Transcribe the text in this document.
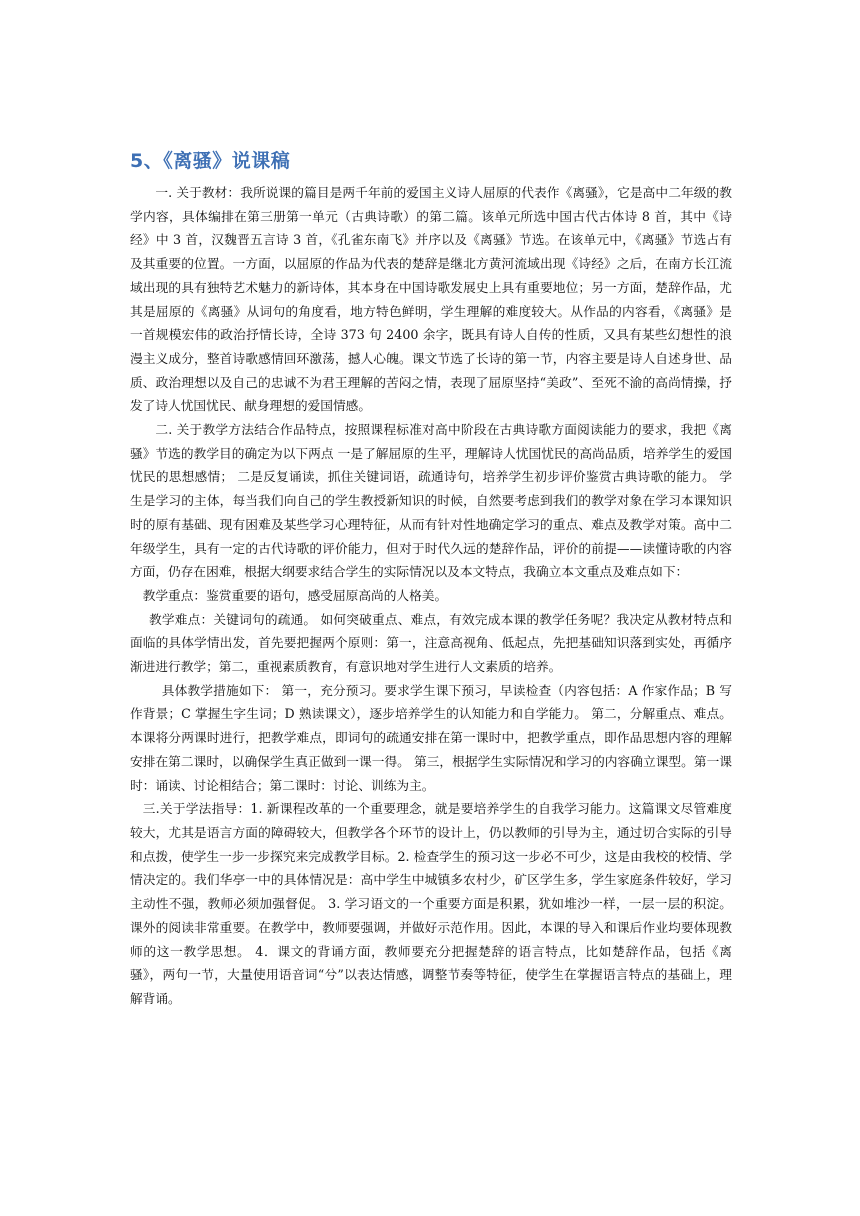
5、《离骚》说课稿

一. 关于教材：我所说课的篇目是两千年前的爱国主义诗人屈原的代表作《离骚》，它是高中二年级的教学内容，具体编排在第三册第一单元（古典诗歌）的第二篇。该单元所选中国古代古体诗 8 首，其中《诗经》中 3 首，汉魏晋五言诗 3 首，《孔雀东南飞》并序以及《离骚》节选。在该单元中，《离骚》节选占有及其重要的位置。一方面，以屈原的作品为代表的楚辞是继北方黄河流域出现《诗经》之后，在南方长江流域出现的具有独特艺术魅力的新诗体，其本身在中国诗歌发展史上具有重要地位；另一方面，楚辞作品，尤其是屈原的《离骚》从词句的角度看，地方特色鲜明，学生理解的难度较大。从作品的内容看，《离骚》是一首规模宏伟的政治抒情长诗，全诗 373 句 2400 余字，既具有诗人自传的性质，又具有某些幻想性的浪漫主义成分，整首诗歌感情回环激荡，撼人心魄。课文节选了长诗的第一节，内容主要是诗人自述身世、品质、政治理想以及自己的忠诚不为君王理解的苦闷之情，表现了屈原坚持“美政”、至死不渝的高尚情操，抒发了诗人忧国忧民、献身理想的爱国情感。

二. 关于教学方法结合作品特点，按照课程标准对高中阶段在古典诗歌方面阅读能力的要求，我把《离骚》节选的教学目的确定为以下两点 一是了解屈原的生平，理解诗人忧国忧民的高尚品质，培养学生的爱国忧民的思想感情； 二是反复诵读，抓住关键词语，疏通诗句，培养学生初步评价鉴赏古典诗歌的能力。 学生是学习的主体，每当我们向自己的学生教授新知识的时候，自然要考虑到我们的教学对象在学习本课知识时的原有基础、现有困难及某些学习心理特征，从而有针对性地确定学习的重点、难点及教学对策。高中二年级学生，具有一定的古代诗歌的评价能力，但对于时代久远的楚辞作品，评价的前提——读懂诗歌的内容方面，仍存在困难，根据大纲要求结合学生的实际情况以及本文特点，我确立本文重点及难点如下：

教学重点：鉴赏重要的语句，感受屈原高尚的人格美。

教学难点：关键词句的疏通。 如何突破重点、难点，有效完成本课的教学任务呢？我决定从教材特点和面临的具体学情出发，首先要把握两个原则：第一，注意高视角、低起点，先把基础知识落到实处，再循序渐进进行教学；第二，重视素质教育，有意识地对学生进行人文素质的培养。

具体教学措施如下： 第一，充分预习。要求学生课下预习，早读检查（内容包括：A 作家作品；B 写作背景；C 掌握生字生词；D 熟读课文），逐步培养学生的认知能力和自学能力。 第二，分解重点、难点。本课将分两课时进行，把教学难点，即词句的疏通安排在第一课时中，把教学重点，即作品思想内容的理解安排在第二课时，以确保学生真正做到一课一得。 第三，根据学生实际情况和学习的内容确立课型。第一课时：诵读、讨论相结合；第二课时：讨论、训练为主。

三.关于学法指导：1. 新课程改革的一个重要理念，就是要培养学生的自我学习能力。这篇课文尽管难度较大，尤其是语言方面的障碍较大，但教学各个环节的设计上，仍以教师的引导为主，通过切合实际的引导和点拨，使学生一步一步探究来完成教学目标。2. 检查学生的预习这一步必不可少，这是由我校的校情、学情决定的。我们华亭一中的具体情况是：高中学生中城镇多农村少，矿区学生多，学生家庭条件较好，学习主动性不强，教师必须加强督促。 3. 学习语文的一个重要方面是积累，犹如堆沙一样，一层一层的积淀。课外的阅读非常重要。在教学中，教师要强调，并做好示范作用。因此，本课的导入和课后作业均要体现教师的这一教学思想。 4．课文的背诵方面，教师要充分把握楚辞的语言特点，比如楚辞作品，包括《离骚》，两句一节，大量使用语音词“兮”以表达情感，调整节奏等特征，使学生在掌握语言特点的基础上，理解背诵。
